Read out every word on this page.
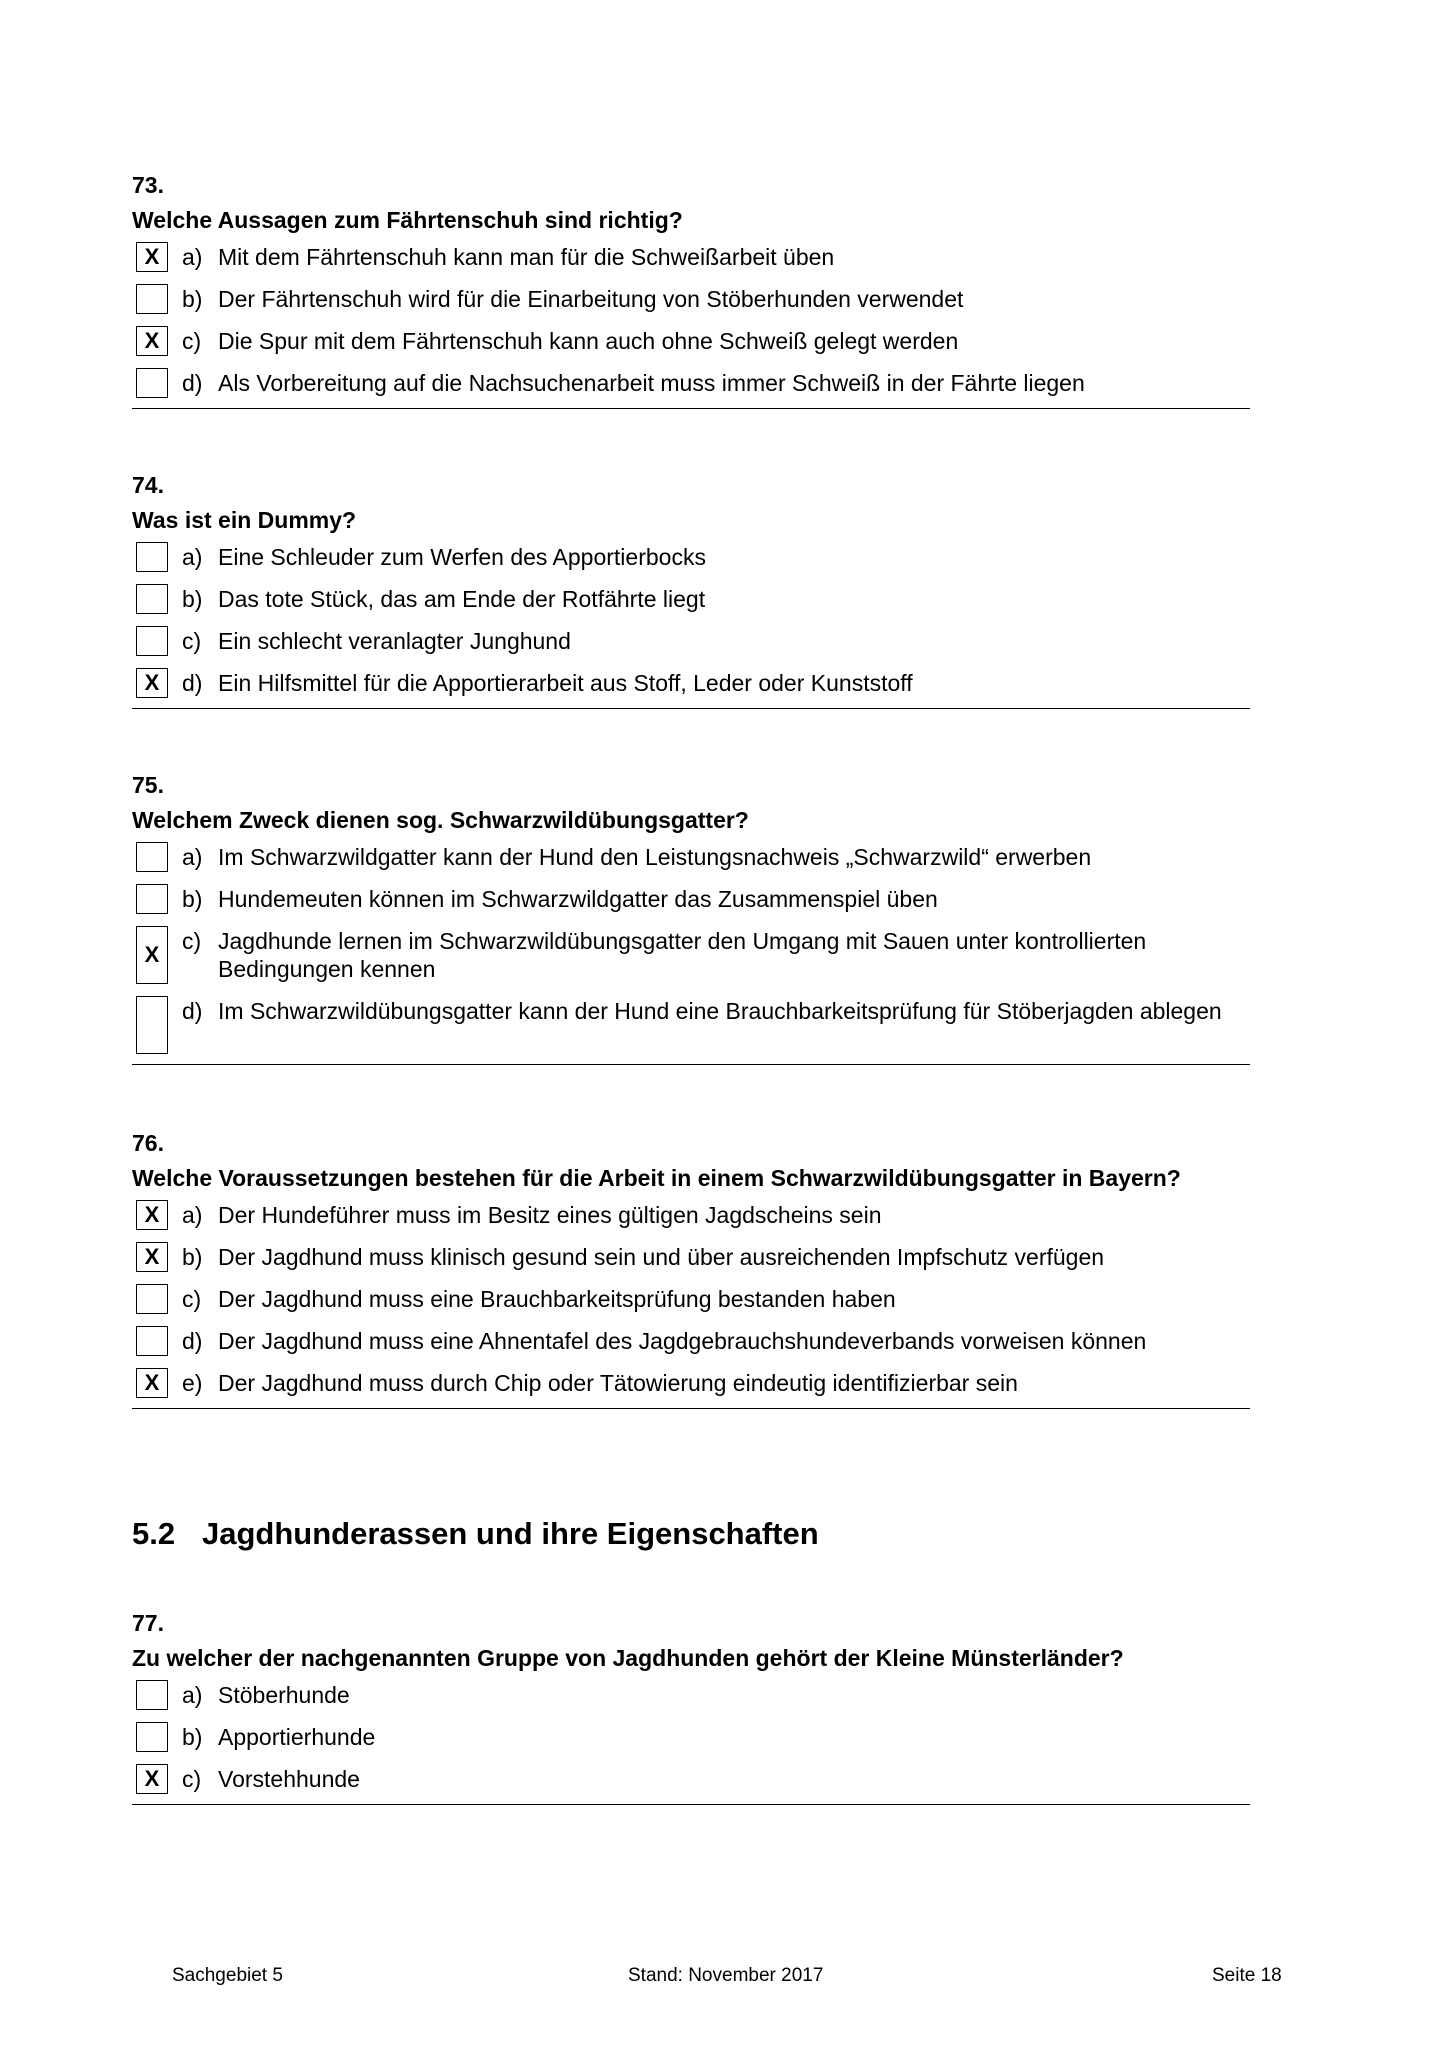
73.

Welche Aussagen zum Fährtenschuh sind richtig?

X a) Mit dem Fährtenschuh kann man für die Schweißarbeit üben
b) Der Fährtenschuh wird für die Einarbeitung von Stöberhunden verwendet
X c) Die Spur mit dem Fährtenschuh kann auch ohne Schweiß gelegt werden
d) Als Vorbereitung auf die Nachsuchenarbeit muss immer Schweiß in der Fährte liegen

74.

Was ist ein Dummy?

a) Eine Schleuder zum Werfen des Apportierbocks
b) Das tote Stück, das am Ende der Rotfährte liegt
c) Ein schlecht veranlagter Junghund
X d) Ein Hilfsmittel für die Apportierarbeit aus Stoff, Leder oder Kunststoff

75.

Welchem Zweck dienen sog. Schwarzwildübungsgatter?

a) Im Schwarzwildgatter kann der Hund den Leistungsnachweis „Schwarzwild“ erwerben
b) Hundemeuten können im Schwarzwildgatter das Zusammenspiel üben
X
c) Jagdhunde lernen im Schwarzwildübungsgatter den Umgang mit Sauen unter kontrollierten Bedingungen kennen
d) Im Schwarzwildübungsgatter kann der Hund eine Brauchbarkeitsprüfung für Stöberjagden ablegen

76.

Welche Voraussetzungen bestehen für die Arbeit in einem Schwarzwildübungsgatter in Bayern?

X a) Der Hundeführer muss im Besitz eines gültigen Jagdscheins sein
X b) Der Jagdhund muss klinisch gesund sein und über ausreichenden Impfschutz verfügen
c) Der Jagdhund muss eine Brauchbarkeitsprüfung bestanden haben
d) Der Jagdhund muss eine Ahnentafel des Jagdgebrauchshundeverbands vorweisen können
X e) Der Jagdhund muss durch Chip oder Tätowierung eindeutig identifizierbar sein
5.2 Jagdhunderassen und ihre Eigenschaften

77.

Zu welcher der nachgenannten Gruppe von Jagdhunden gehört der Kleine Münsterländer?

a) Stöberhunde
b) Apportierhunde
X c) Vorstehhunde
Sachgebiet 5	Stand: November 2017	Seite 18
